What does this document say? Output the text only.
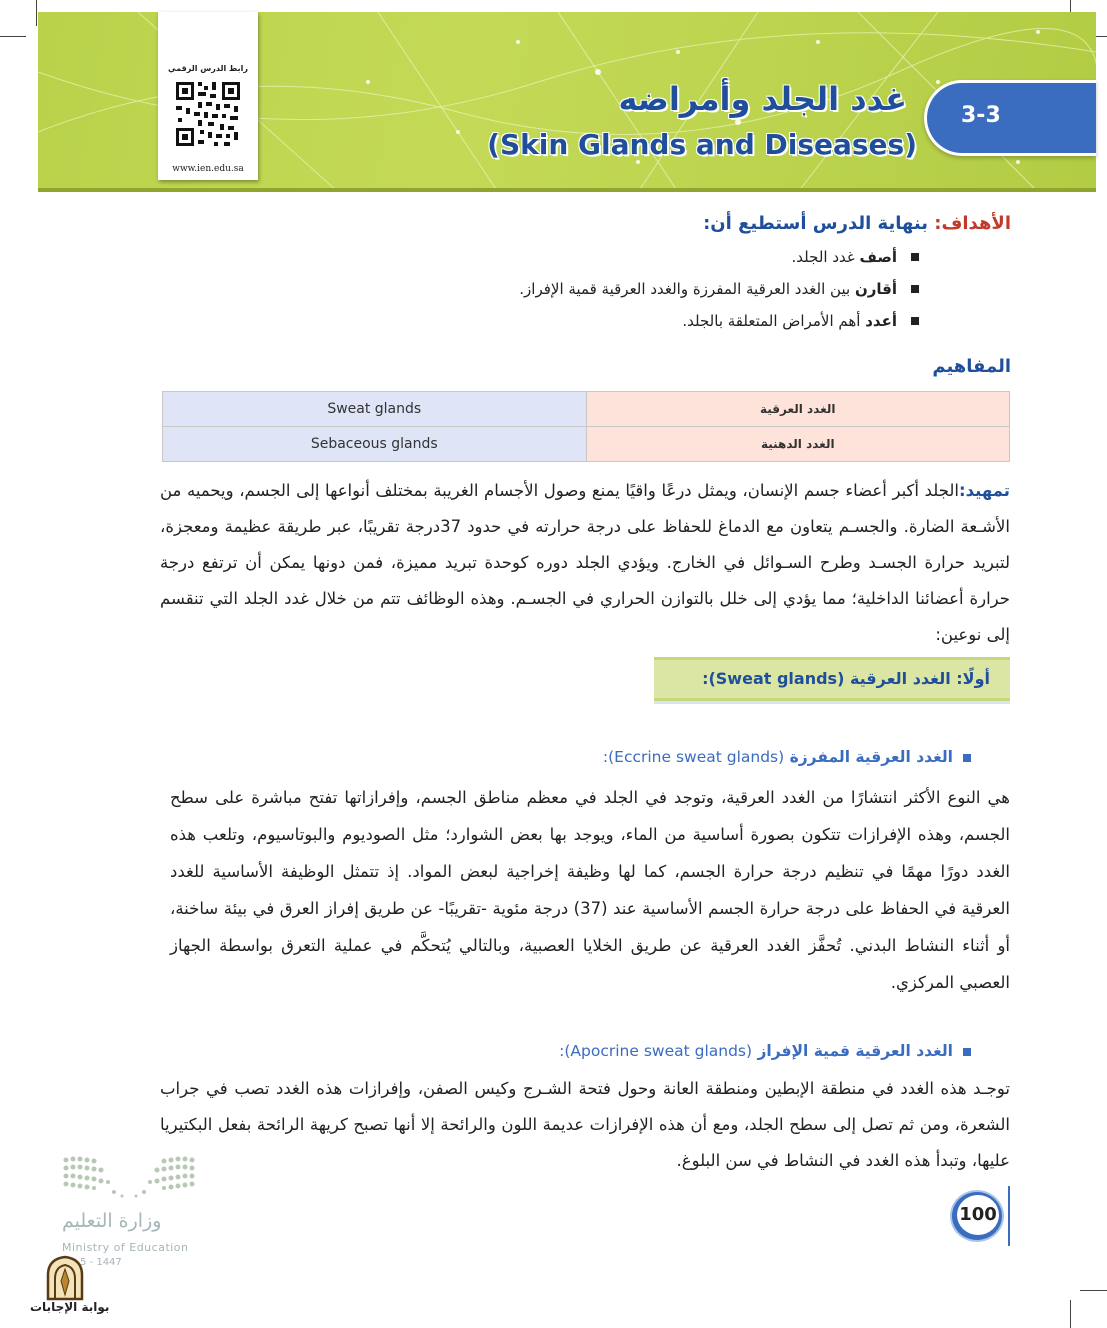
رابط الدرس الرقمي
www.ien.edu.sa
غدد الجلد وأمراضه
(Skin Glands and Diseases)
3-3
الأهداف: بنهاية الدرس أستطيع أن:
أصف غدد الجلد.
أقارن بين الغدد العرقية المفرزة والغدد العرقية قمية الإفراز.
أعدد أهم الأمراض المتعلقة بالجلد.
المفاهيم
Sweat glands	الغدد العرقية
Sebaceous glands	الغدد الدهنية
تمهيد:الجلد أكبر أعضاء جسم الإنسان، ويمثل درعًا واقيًا يمنع وصول الأجسام الغريبة بمختلف أنواعها إلى الجسم، ويحميه من الأشـعة الضارة. والجسـم يتعاون مع الدماغ للحفاظ على درجة حرارته في حدود 37درجة تقريبًا، عبر طريقة عظيمة ومعجزة، لتبريد حرارة الجسـد وطرح السـوائل في الخارج. ويؤدي الجلد دوره كوحدة تبريد مميزة، فمن دونها يمكن أن ترتفع درجة حرارة أعضائنا الداخلية؛ مما يؤدي إلى خلل بالتوازن الحراري في الجسـم. وهذه الوظائف تتم من خلال غدد الجلد التي تنقسم إلى نوعين:
أولًا: الغدد العرقية (Sweat glands):
الغدد العرقية المفرزة (Eccrine sweat glands):
هي النوع الأكثر انتشارًا من الغدد العرقية، وتوجد في الجلد في معظم مناطق الجسم، وإفرازاتها تفتح مباشرة على سطح الجسم، وهذه الإفرازات تتكون بصورة أساسية من الماء، ويوجد بها بعض الشوارد؛ مثل الصوديوم والبوتاسيوم، وتلعب هذه الغدد دورًا مهمًا في تنظيم درجة حرارة الجسم، كما لها وظيفة إخراجية لبعض المواد. إذ تتمثل الوظيفة الأساسية للغدد العرقية في الحفاظ على درجة حرارة الجسم الأساسية عند (37) درجة مئوية -تقريبًا- عن طريق إفراز العرق في بيئة ساخنة، أو أثناء النشاط البدني. تُحفَّز الغدد العرقية عن طريق الخلايا العصبية، وبالتالي يُتحكَّم في عملية التعرق بواسطة الجهاز العصبي المركزي.
الغدد العرقية قمية الإفراز (Apocrine sweat glands):
توجـد هذه الغدد في منطقة الإبطين ومنطقة العانة وحول فتحة الشـرج وكيس الصفن، وإفرازات هذه الغدد تصب في جراب الشعرة، ومن ثم تصل إلى سطح الجلد، ومع أن هذه الإفرازات عديمة اللون والرائحة إلا أنها تصبح كريهة الرائحة بفعل البكتيريا عليها، وتبدأ هذه الغدد في النشاط في سن البلوغ.
100
وزارة التعليم
Ministry of Education
5 - 1447
بوابة الإجابات
